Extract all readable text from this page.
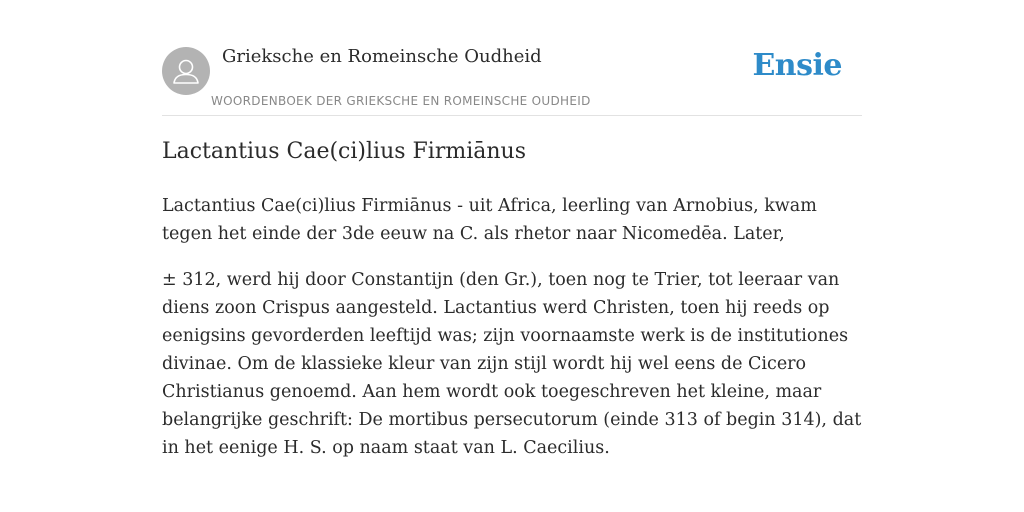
Grieksche en Romeinsche Oudheid
WOORDENBOEK DER GRIEKSCHE EN ROMEINSCHE OUDHEID
Ensie
Lactantius Cae(ci)lius Firmiānus

Lactantius Cae(ci)lius Firmiānus - uit Africa, leerling van Arnobius, kwam tegen het einde der 3de eeuw na C. als rhetor naar Nicomedēa. Later,

± 312, werd hij door Constantijn (den Gr.), toen nog te Trier, tot leeraar van diens zoon Crispus aangesteld. Lactantius werd Christen, toen hij reeds op eenigsins gevorderden leeftijd was; zijn voornaamste werk is de institutiones divinae. Om de klassieke kleur van zijn stijl wordt hij wel eens de Cicero Christianus genoemd. Aan hem wordt ook toegeschreven het kleine, maar belangrijke geschrift: De mortibus persecutorum (einde 313 of begin 314), dat in het eenige H. S. op naam staat van L. Caecilius.
